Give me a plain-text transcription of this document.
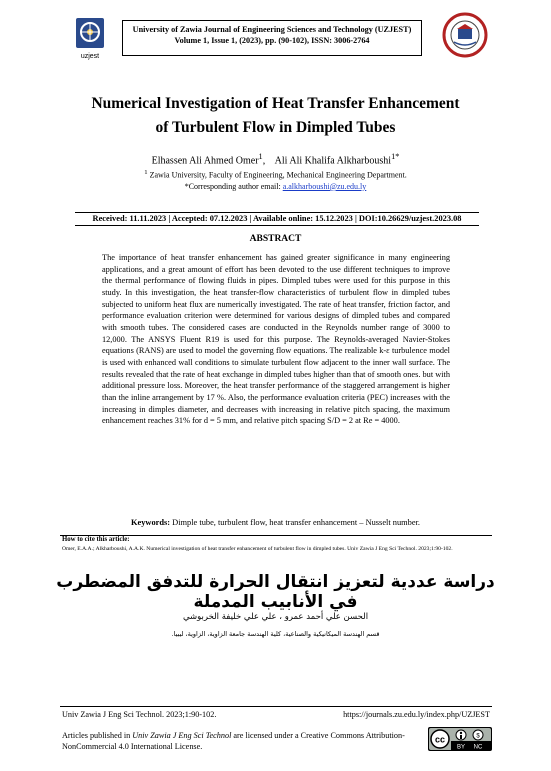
uzjest
University of Zawia Journal of Engineering Sciences and Technology (UZJEST)
Volume 1, Issue 1, (2023), pp. (90-102), ISSN: 3006-2764
Numerical Investigation of Heat Transfer Enhancement
of Turbulent Flow in Dimpled Tubes
Elhassen Ali Ahmed Omer$^1$,    Ali Ali Khalifa Alkharboushi$^{1*}$
$^1$ Zawia University, Faculty of Engineering, Mechanical Engineering Department.
*Corresponding author email: a.alkharboushi@zu.edu.ly
Received: 11.11.2023 | Accepted: 07.12.2023 | Available online: 15.12.2023 | DOI:10.26629/uzjest.2023.08
ABSTRACT
The importance of heat transfer enhancement has gained greater significance in many engineering applications, and a great amount of effort has been devoted to the use different techniques to improve the thermal performance of flowing fluids in pipes. Dimpled tubes were used for this purpose in this study. In this investigation, the heat transfer-flow characteristics of turbulent flow in dimpled tubes subjected to uniform heat flux are numerically investigated. The rate of heat transfer, friction factor, and performance evaluation criterion were determined for various designs of dimpled tubes and compared with smooth tubes. The considered cases are conducted in the Reynolds number range of 3000 to 12,000. The ANSYS Fluent R19 is used for this purpose. The Reynolds-averaged Navier-Stokes equations (RANS) are used to model the governing flow equations. The realizable k-ε turbulence model is used with enhanced wall conditions to simulate turbulent flow adjacent to the inner wall surface. The results revealed that the rate of heat exchange in dimpled tubes higher than that of smooth ones. but with additional pressure loss. Moreover, the heat transfer performance of the staggered arrangement is higher than the inline arrangement by 17 %. Also, the performance evaluation criteria (PEC) increases with the increasing in dimples diameter, and decreases with increasing in relative pitch spacing, the maximum enhancement reaches 31% for d = 5 mm, and relative pitch spacing S/D = 2 at Re = 4000.
Keywords: Dimple tube, turbulent flow, heat transfer enhancement – Nusselt number.
How to cite this article:
Omer, E.A.A.; Alkharboushi, A.A.K. Numerical investigation of heat transfer enhancement of turbulent flow in dimpled tubes. Univ Zawia J Eng Sci Technol. 2023;1:90-102.
دراسة عددية لتعزيز انتقال الحرارة للتدفق المضطرب في الأنابيب المدملة
الحسن علي أحمد عمرو ، علي علي خليفة الخربوشي
قسم الهندسة الميكانيكية والصناعية، كلية الهندسة جامعة الزاوية، الزاوية، ليبيا.
Univ Zawia J Eng Sci Technol. 2023;1:90-102.	https://journals.zu.edu.ly/index.php/UZJEST
Articles published in Univ Zawia J Eng Sci Technol are licensed under a Creative Commons Attribution-NonCommercial 4.0 International License.
cc	$
BY NC
